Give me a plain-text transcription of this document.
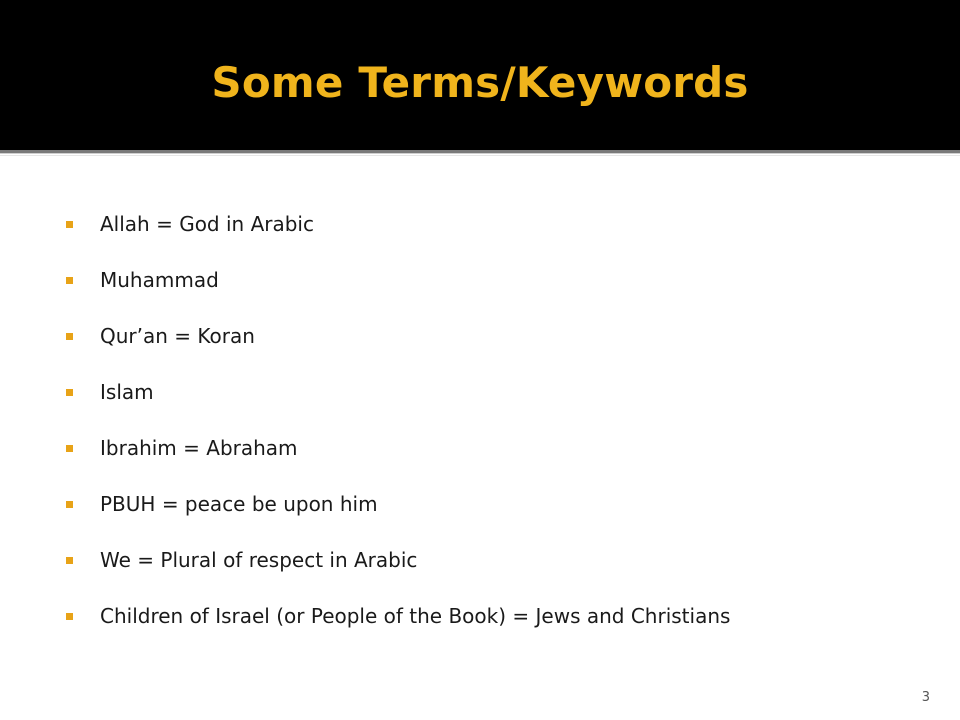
Some Terms/Keywords
Allah = God in Arabic
Muhammad
Qur’an = Koran
Islam
Ibrahim = Abraham
PBUH = peace be upon him
We = Plural of respect in Arabic
Children of Israel (or People of the Book) = Jews and Christians
3
